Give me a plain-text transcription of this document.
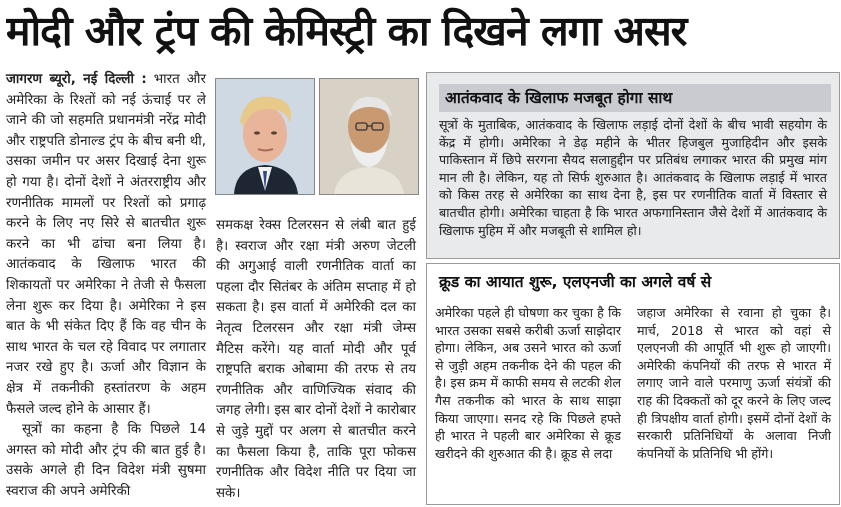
मोदी और ट्रंप की केमिस्ट्री का दिखने लगा असर
जागरण ब्यूरो, नई दिल्ली : भारत और अमेरिका के रिश्तों को नई ऊंचाई पर ले जाने की जो सहमति प्रधानमंत्री नरेंद्र मोदी और राष्ट्रपति डोनाल्ड ट्रंप के बीच बनी थी, उसका जमीन पर असर दिखाई देना शुरू हो गया है। दोनों देशों ने अंतरराष्ट्रीय और रणनीतिक मामलों पर रिश्तों को प्रगाढ़ करने के लिए नए सिरे से बातचीत शुरू करने का भी ढांचा बना लिया है। आतंकवाद के खिलाफ भारत की शिकायतों पर अमेरिका ने तेजी से फैसला लेना शुरू कर दिया है। अमेरिका ने इस बात के भी संकेत दिए हैं कि वह चीन के साथ भारत के चल रहे विवाद पर लगातार नजर रखे हुए है। ऊर्जा और विज्ञान के क्षेत्र में तकनीकी हस्तांतरण के अहम फैसले जल्द होने के आसार हैं।
सूत्रों का कहना है कि पिछले 14 अगस्त को मोदी और ट्रंप की बात हुई है। उसके अगले ही दिन विदेश मंत्री सुषमा स्वराज की अपने अमेरिकी
समकक्ष रेक्स टिलरसन से लंबी बात हुई है। स्वराज और रक्षा मंत्री अरुण जेटली की अगुआई वाली रणनीतिक वार्ता का पहला दौर सितंबर के अंतिम सप्ताह में हो सकता है। इस वार्ता में अमेरिकी दल का नेतृत्व टिलरसन और रक्षा मंत्री जेम्स मैटिस करेंगे। यह वार्ता मोदी और पूर्व राष्ट्रपति बराक ओबामा की तरफ से तय रणनीतिक और वाणिज्यिक संवाद की जगह लेगी। इस बार दोनों देशों ने कारोबार से जुड़े मुद्दों पर अलग से बातचीत करने का फैसला किया है, ताकि पूरा फोकस रणनीतिक और विदेश नीति पर दिया जा सके।
आतंकवाद के खिलाफ मजबूत होगा साथ
सूत्रों के मुताबिक, आतंकवाद के खिलाफ लड़ाई दोनों देशों के बीच भावी सहयोग के केंद्र में होगी। अमेरिका ने डेढ़ महीने के भीतर हिजबुल मुजाहिदीन और इसके पाकिस्तान में छिपे सरगना सैयद सलाहुद्दीन पर प्रतिबंध लगाकर भारत की प्रमुख मांग मान ली है। लेकिन, यह तो सिर्फ शुरुआत है। आतंकवाद के खिलाफ लड़ाई में भारत को किस तरह से अमेरिका का साथ देना है, इस पर रणनीतिक वार्ता में विस्तार से बातचीत होगी। अमेरिका चाहता है कि भारत अफगानिस्तान जैसे देशों में आतंकवाद के खिलाफ मुहिम में और मजबूती से शामिल हो।
क्रूड का आयात शुरू, एलएनजी का अगले वर्ष से
अमेरिका पहले ही घोषणा कर चुका है कि भारत उसका सबसे करीबी ऊर्जा साझेदार होगा। लेकिन, अब उसने भारत को ऊर्जा से जुड़ी अहम तकनीक देने की पहल की है। इस क्रम में काफी समय से लटकी शेल गैस तकनीक को भारत के साथ साझा किया जाएगा। सनद रहे कि पिछले हफ्ते ही भारत ने पहली बार अमेरिका से क्रूड खरीदने की शुरुआत की है। क्रूड से लदा
जहाज अमेरिका से रवाना हो चुका है। मार्च, 2018 से भारत को वहां से एलएनजी की आपूर्ति भी शुरू हो जाएगी। अमेरिकी कंपनियों की तरफ से भारत में लगाए जाने वाले परमाणु ऊर्जा संयंत्रों की राह की दिक्कतों को दूर करने के लिए जल्द ही त्रिपक्षीय वार्ता होगी। इसमें दोनों देशों के सरकारी प्रतिनिधियों के अलावा निजी कंपनियों के प्रतिनिधि भी होंगे।
